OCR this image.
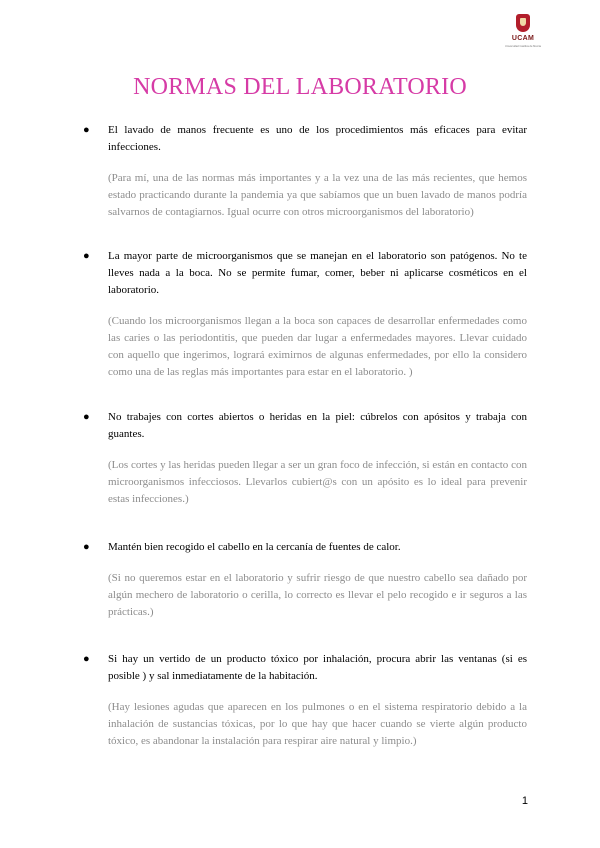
UCAM
Universidad Católica de Murcia
NORMAS DEL LABORATORIO
●	El lavado de manos frecuente es uno de los procedimientos más eficaces para evitar infecciones.
(Para mí, una de las normas más importantes y a la vez una de las más recientes, que hemos estado practicando durante la pandemia ya que sabíamos que un buen lavado de manos podría salvarnos de contagiarnos. Igual ocurre con otros microorganismos del laboratorio)
●	La mayor parte de microorganismos que se manejan en el laboratorio son patógenos. No te lleves nada a la boca. No se permite fumar, comer, beber ni aplicarse cosméticos en el laboratorio.
(Cuando los microorganismos llegan a la boca son capaces de desarrollar enfermedades como las caries o las periodontitis, que pueden dar lugar a enfermedades mayores. Llevar cuidado con aquello que ingerimos, logrará eximirnos de algunas enfermedades, por ello la considero como una de las reglas más importantes para estar en el laboratorio. )
●	No trabajes con cortes abiertos o heridas en la piel: cúbrelos con apósitos y trabaja con guantes.
(Los cortes y las heridas pueden llegar a ser un gran foco de infección, si están en contacto con microorganismos infecciosos. Llevarlos cubiert@s con un apósito es lo ideal para prevenir estas infecciones.)
●	Mantén bien recogido el cabello en la cercanía de fuentes de calor.
(Si no queremos estar en el laboratorio y sufrir riesgo de que nuestro cabello sea dañado por algún mechero de laboratorio o cerilla, lo correcto es llevar el pelo recogido e ir seguros a las prácticas.)
●	Si hay un vertido de un producto tóxico por inhalación, procura abrir las ventanas (si es posible ) y sal inmediatamente de la habitación.
(Hay lesiones agudas que aparecen en los pulmones o en el sistema respiratorio debido a la inhalación de sustancias tóxicas, por lo que hay que hacer cuando se vierte algún producto tóxico, es abandonar la instalación para respirar aire natural y limpio.)
1
